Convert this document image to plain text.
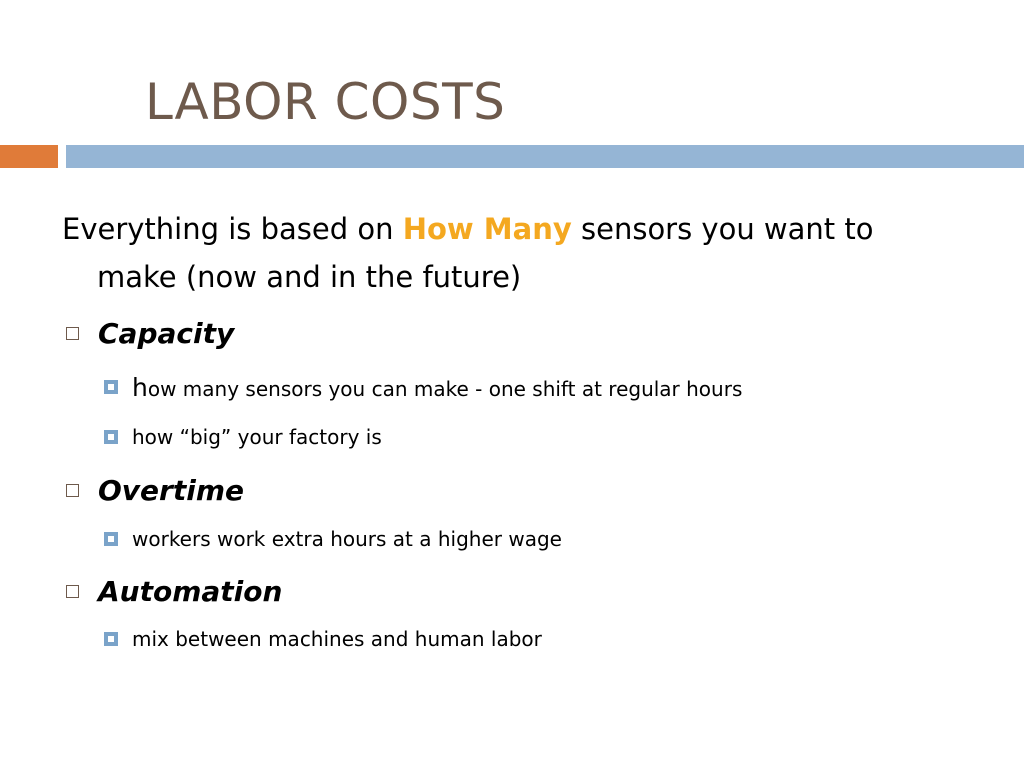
LABOR COSTS
Everything is based on How Many sensors you want to
make (now and in the future)
Capacity
how many sensors you can make - one shift at regular hours
how “big” your factory is
Overtime
workers work extra hours at a higher wage
Automation
mix between machines and human labor
